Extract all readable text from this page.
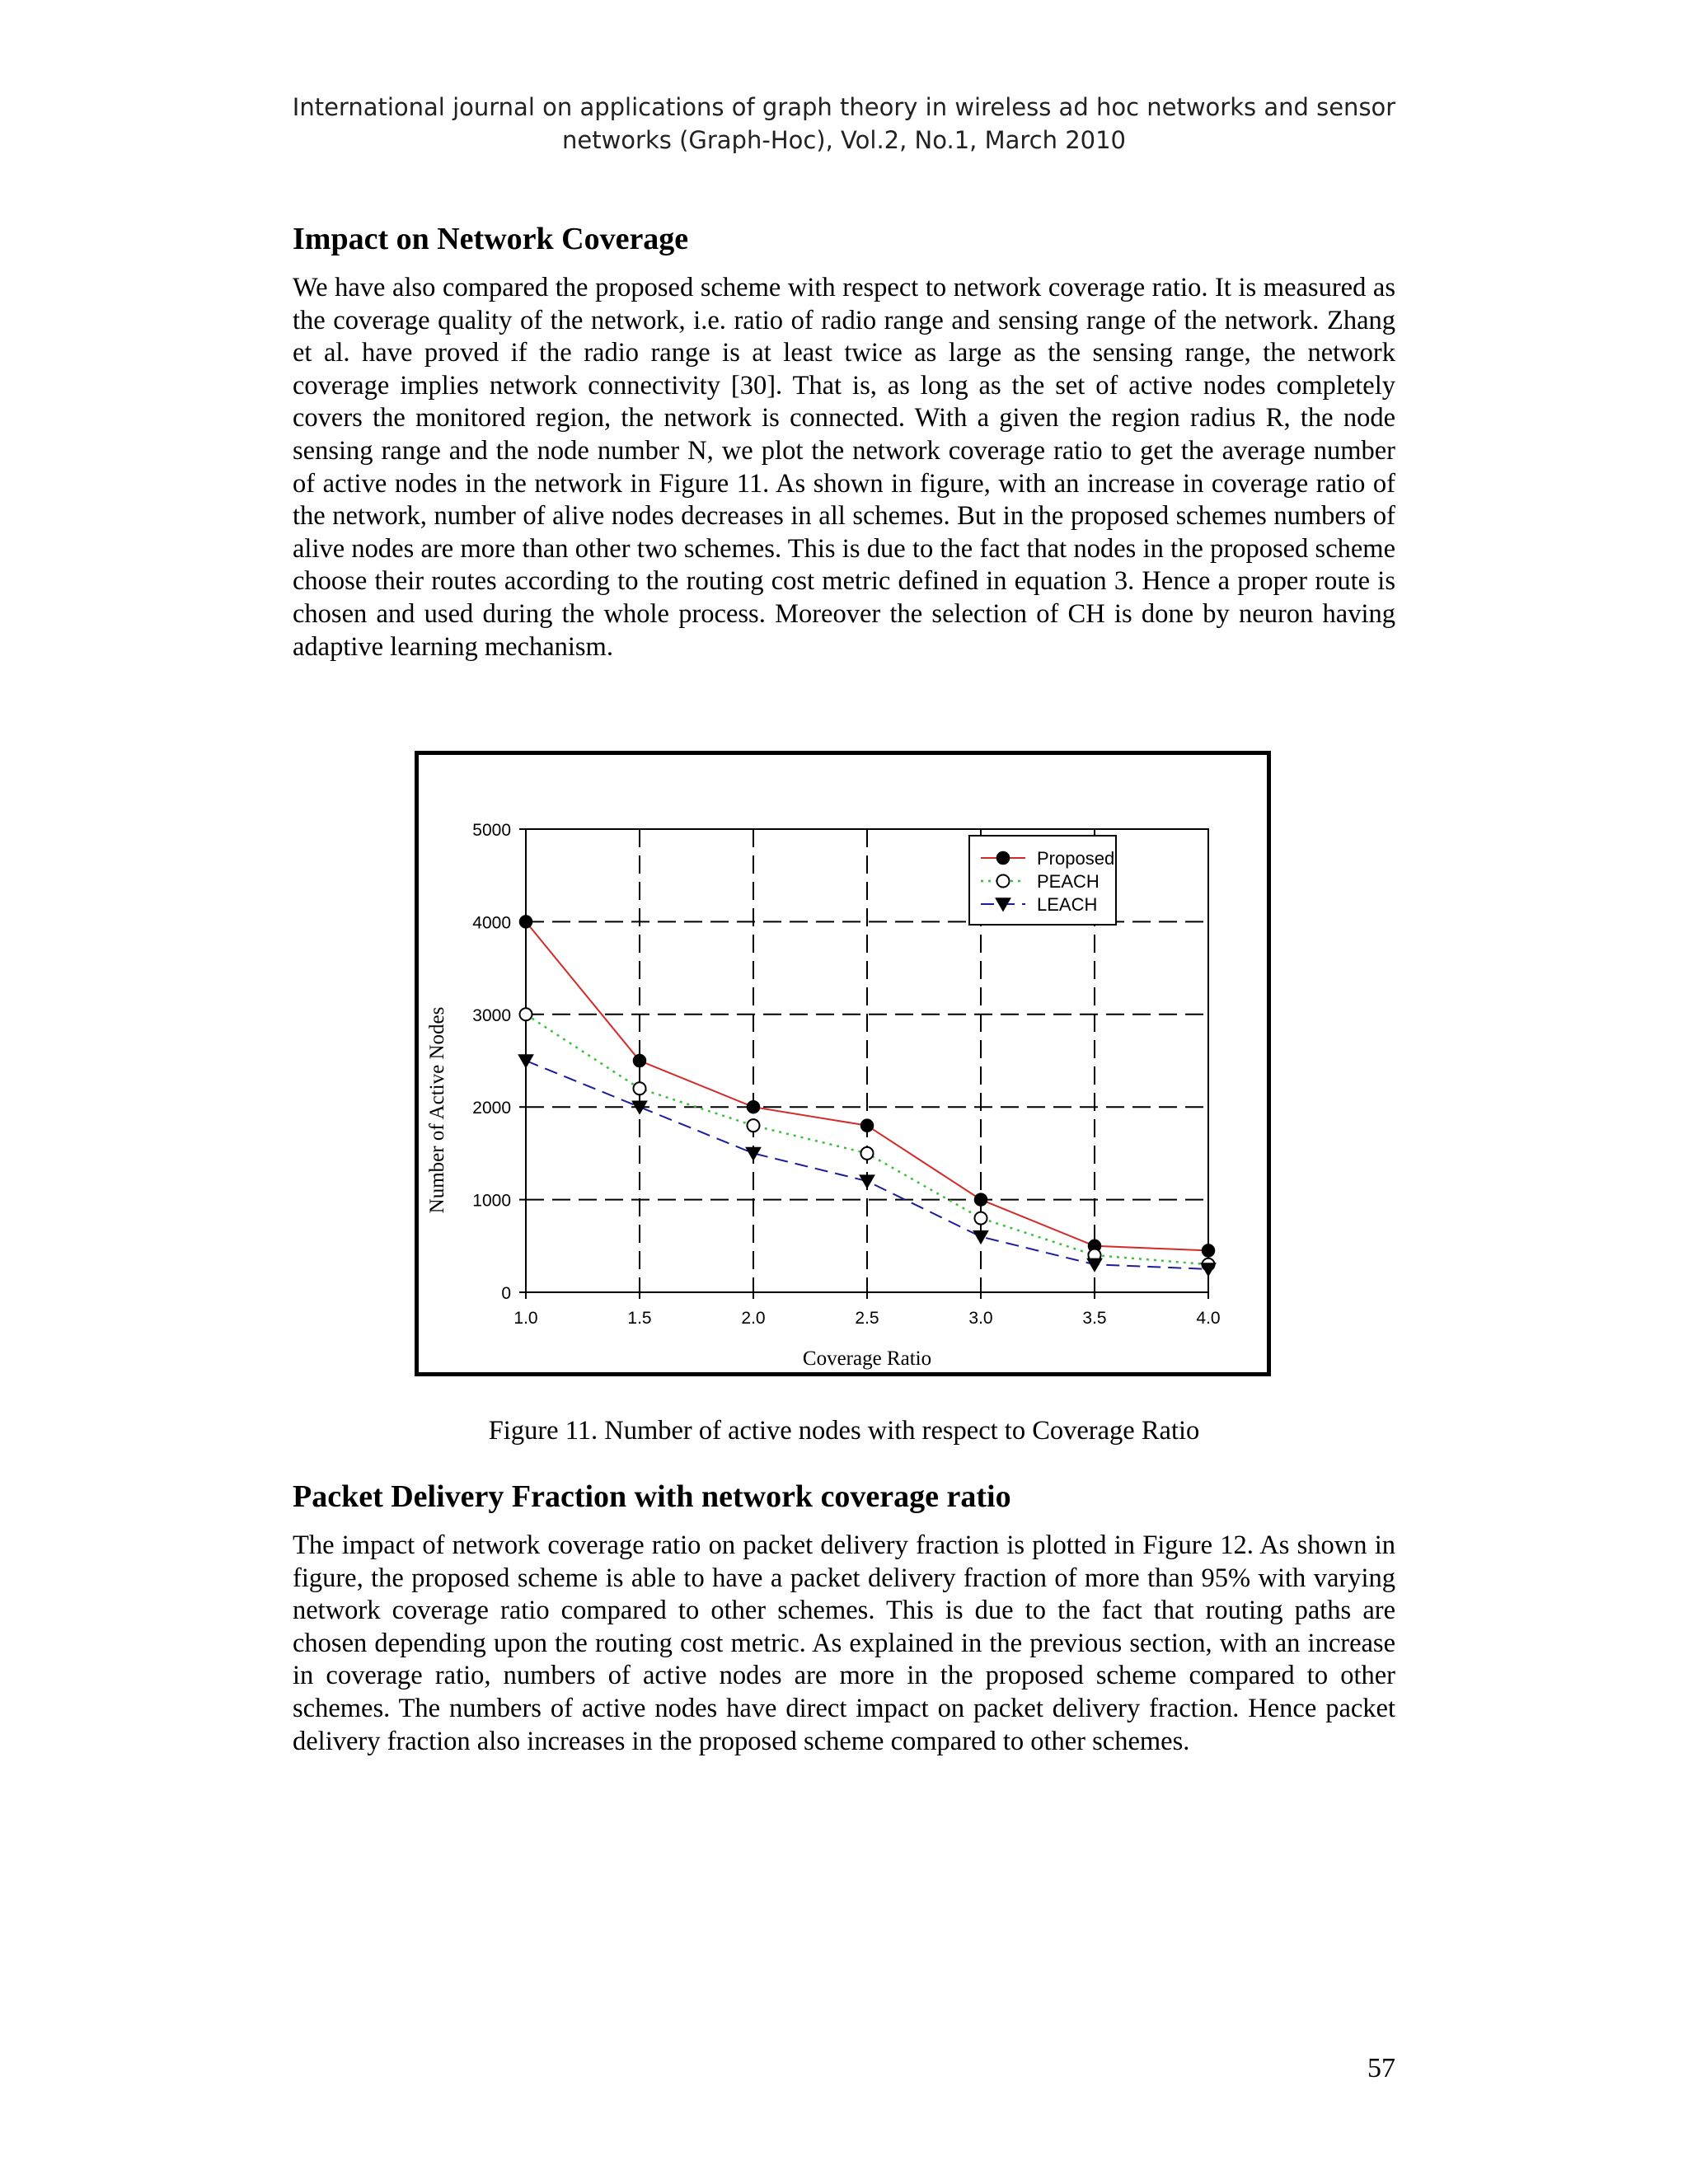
International journal on applications of graph theory in wireless ad hoc networks and sensor
networks (Graph-Hoc), Vol.2, No.1, March 2010
Impact on Network Coverage

We have also compared the proposed scheme with respect to network coverage ratio. It is measured as the coverage quality of the network, i.e. ratio of radio range and sensing range of the network. Zhang et al. have proved if the radio range is at least twice as large as the sensing range, the network coverage implies network connectivity [30]. That is, as long as the set of active nodes completely covers the monitored region, the network is connected. With a given the region radius R, the node sensing range and the node number N, we plot the network coverage ratio to get the average number of active nodes in the network in Figure 11. As shown in figure, with an increase in coverage ratio of the network, number of alive nodes decreases in all schemes. But in the proposed schemes numbers of alive nodes are more than other two schemes. This is due to the fact that nodes in the proposed scheme choose their routes according to the routing cost metric defined in equation 3. Hence a proper route is chosen and used during the whole process. Moreover the selection of CH is done by neuron having adaptive learning mechanism.

0
1000
2000
3000
4000
5000
1.0	1.5	2.0	2.5	3.0	3.5	4.0
Coverage Ratio
Number of Active Nodes
Proposed
PEACH
LEACH
Figure 11. Number of active nodes with respect to Coverage Ratio
Packet Delivery Fraction with network coverage ratio

The impact of network coverage ratio on packet delivery fraction is plotted in Figure 12. As shown in figure, the proposed scheme is able to have a packet delivery fraction of more than 95% with varying network coverage ratio compared to other schemes. This is due to the fact that routing paths are chosen depending upon the routing cost metric. As explained in the previous section, with an increase in coverage ratio, numbers of active nodes are more in the proposed scheme compared to other schemes. The numbers of active nodes have direct impact on packet delivery fraction. Hence packet delivery fraction also increases in the proposed scheme compared to other schemes.

57
